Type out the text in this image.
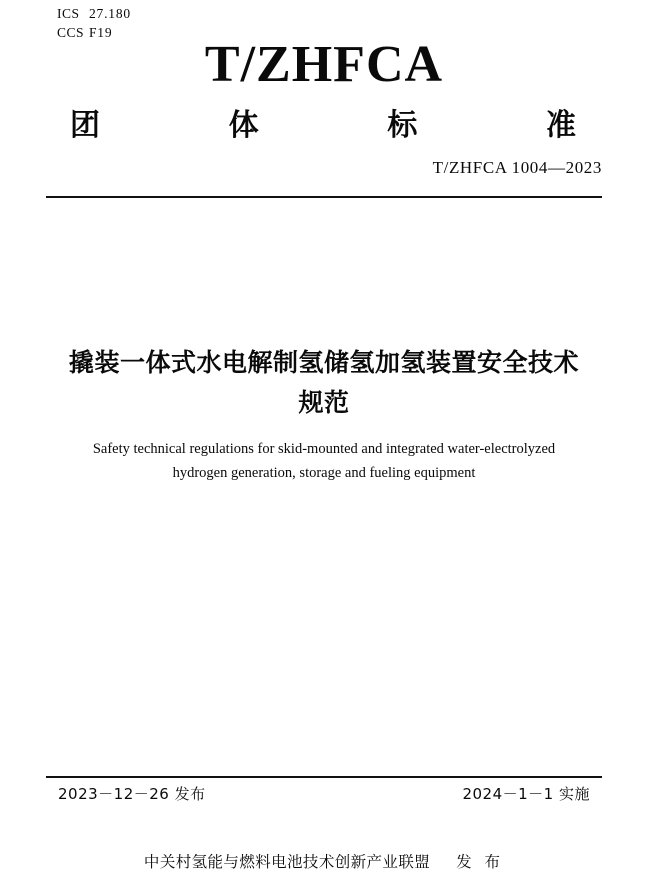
ICS 27.180
CCS F19
T/ZHFCA
团	体	标	准
T/ZHFCA 1004—2023
撬装一体式水电解制氢储氢加氢装置安全技术规范
Safety technical regulations for skid-mounted and integrated water-electrolyzed hydrogen generation, storage and fueling equipment
2023－12－26 发布	2024－1－1 实施
中关村氢能与燃料电池技术创新产业联盟 发 布
